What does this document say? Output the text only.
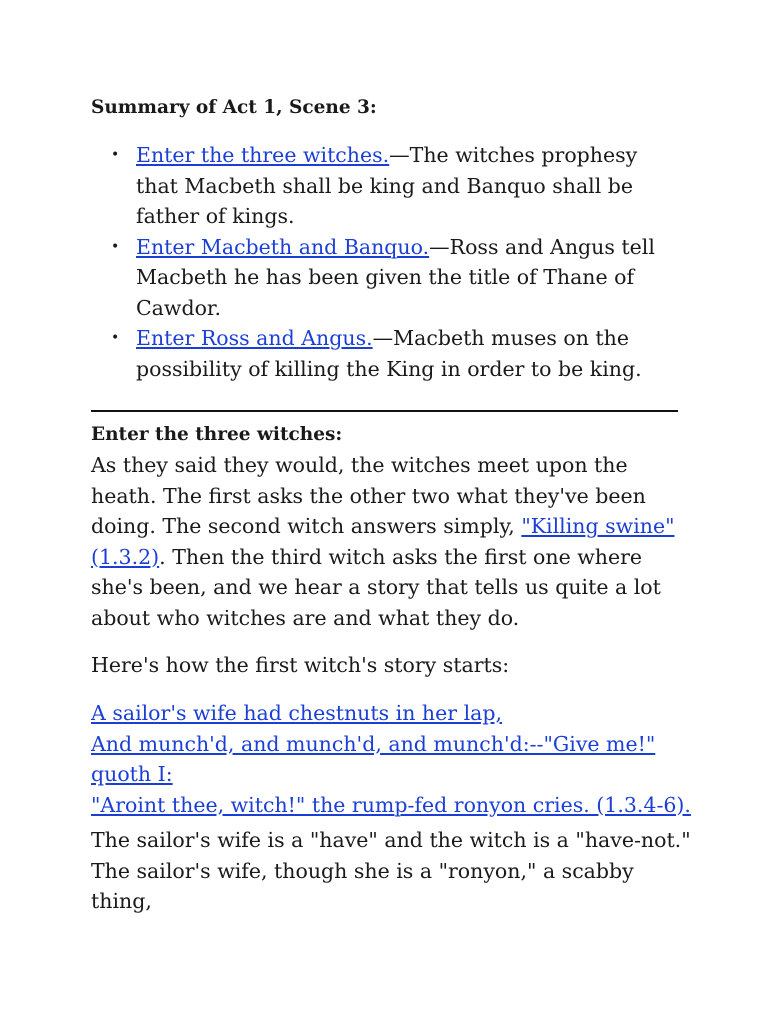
Summary of Act 1, Scene 3:
• Enter the three witches.—The witches prophesy that Macbeth shall be king and Banquo shall be father of kings.
• Enter Macbeth and Banquo.—Ross and Angus tell Macbeth he has been given the title of Thane of Cawdor.
• Enter Ross and Angus.—Macbeth muses on the possibility of killing the King in order to be king.
Enter the three witches:

As they said they would, the witches meet upon the heath. The first asks the other two what they've been doing. The second witch answers simply, "Killing swine" (1.3.2). Then the third witch asks the first one where she's been, and we hear a story that tells us quite a lot about who witches are and what they do.

Here's how the first witch's story starts:

A sailor's wife had chestnuts in her lap,
And munch'd, and munch'd, and munch'd:--"Give me!"
quoth I:
"Aroint thee, witch!" the rump-fed ronyon cries. (1.3.4-6).

The sailor's wife is a "have" and the witch is a "have-not." The sailor's wife, though she is a "ronyon," a scabby thing,
